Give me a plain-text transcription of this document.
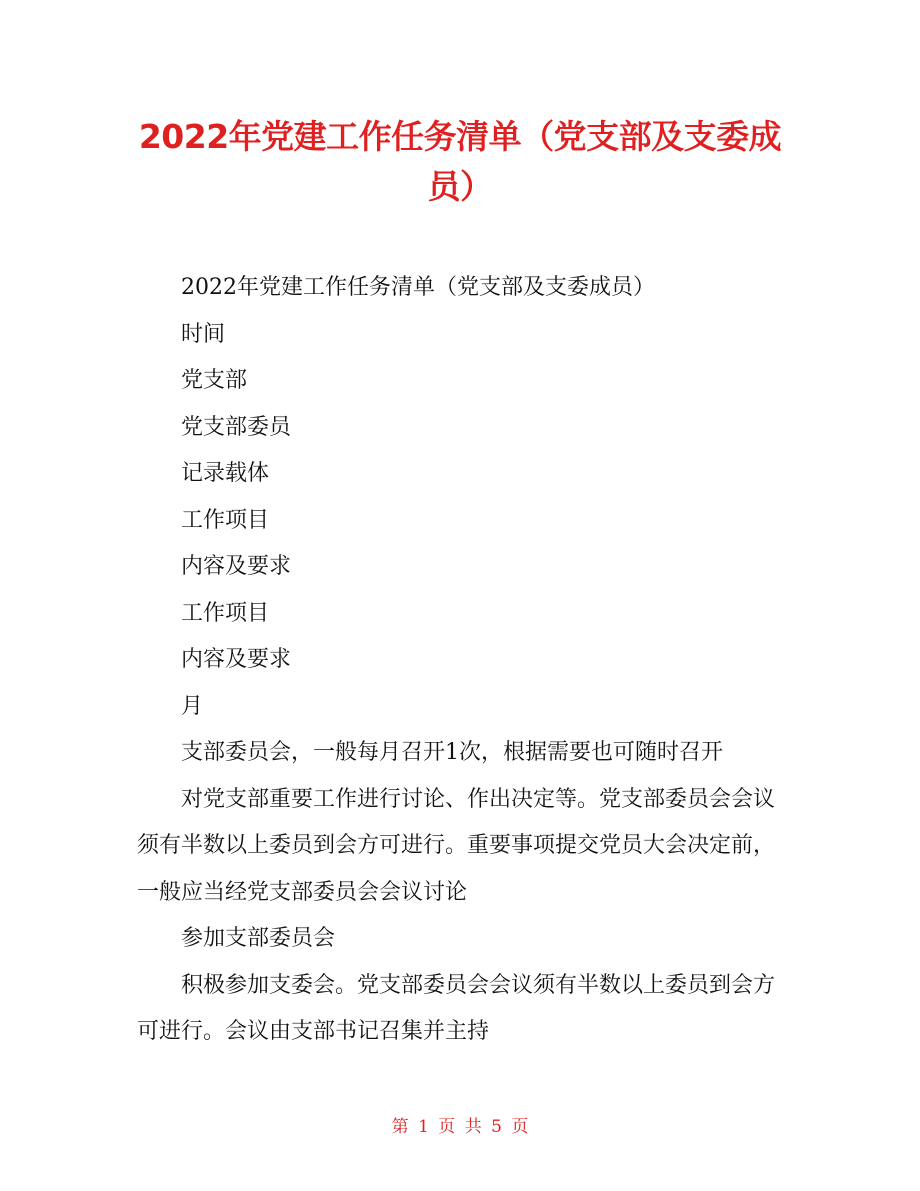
2022年党建工作任务清单（党支部及支委成员）

2022年党建工作任务清单（党支部及支委成员）

时间

党支部

党支部委员

记录载体

工作项目

内容及要求

工作项目

内容及要求

月

支部委员会，一般每月召开1次，根据需要也可随时召开

对党支部重要工作进行讨论、作出决定等。党支部委员会会议须有半数以上委员到会方可进行。重要事项提交党员大会决定前，一般应当经党支部委员会会议讨论

参加支部委员会

积极参加支委会。党支部委员会会议须有半数以上委员到会方可进行。会议由支部书记召集并主持

第 1 页 共 5 页
